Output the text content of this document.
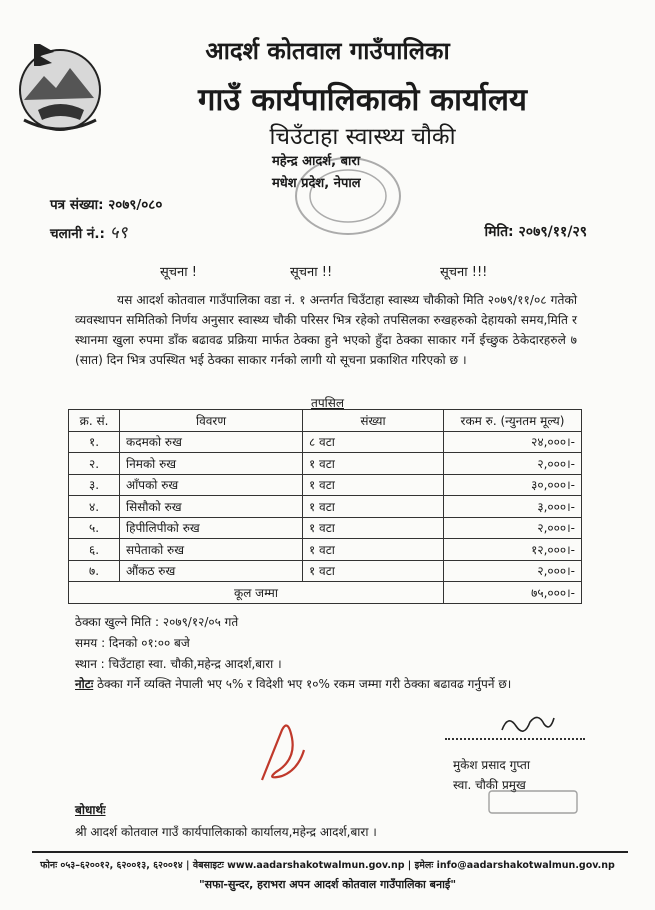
आदर्श कोतवाल गाउँपालिका
गाउँ कार्यपालिकाको कार्यालय
चिउँटाहा स्वास्थ्य चौकी
महेन्द्र आदर्श, बारा
मधेश प्रदेश, नेपाल
पत्र संख्या: २०७९/०८०
चलानी नं.: ५९	मिति: २०७९/११/२९
सूचना !	सूचना !!	सूचना !!!
यस आदर्श कोतवाल गाउँपालिका वडा नं. १ अन्तर्गत चिउँटाहा स्वास्थ्य चौकीको मिति २०७९/११/०८ गतेको व्यवस्थापन समितिको निर्णय अनुसार स्वास्थ्य चौकी परिसर भित्र रहेको तपसिलका रुखहरुको देहायको समय,मिति र स्थानमा खुला रुपमा डाँक बढावढ प्रक्रिया मार्फत ठेक्का हुने भएको हुँदा ठेक्का साकार गर्ने ईच्छुक ठेकेदारहरुले ७ (सात) दिन भित्र उपस्थित भई ठेक्का साकार गर्नको लागी यो सूचना प्रकाशित गरिएको छ ।
तपसिल
क्र. सं.	विवरण	संख्या	रकम रु. (न्युनतम मूल्य)
१.	कदमको रुख	८ वटा	२४,०००।-
२.	निमको रुख	१ वटा	२,०००।-
३.	आँपको रुख	१ वटा	३०,०००।-
४.	सिसौको रुख	१ वटा	३,०००।-
५.	हिपीलिपीको रुख	१ वटा	२,०००।-
६.	सपेताको रुख	१ वटा	१२,०००।-
७.	औंकठ रुख	१ वटा	२,०००।-
कूल जम्मा			७५,०००।-
ठेक्का खुल्ने मिति : २०७९/१२/०५ गते
समय : दिनको ०१:०० बजे
स्थान : चिउँटाहा स्वा. चौकी,महेन्द्र आदर्श,बारा ।
नोटः ठेक्का गर्ने व्यक्ति नेपाली भए ५% र विदेशी भए १०% रकम जम्मा गरी ठेक्का बढावढ गर्नुपर्ने छ।
मुकेश प्रसाद गुप्ता
स्वा. चौकी प्रमुख
बोधार्थः
श्री आदर्श कोतवाल गाउँ कार्यपालिकाको कार्यालय,महेन्द्र आदर्श,बारा ।
फोनः ०५३–६२००१२, ६२००१३, ६२००१४ | वेबसाइटः www.aadarshakotwalmun.gov.np | इमेलः info@aadarshakotwalmun.gov.np
"सफा-सुन्दर, हराभरा अपन आदर्श कोतवाल गाउँपालिका बनाई"
